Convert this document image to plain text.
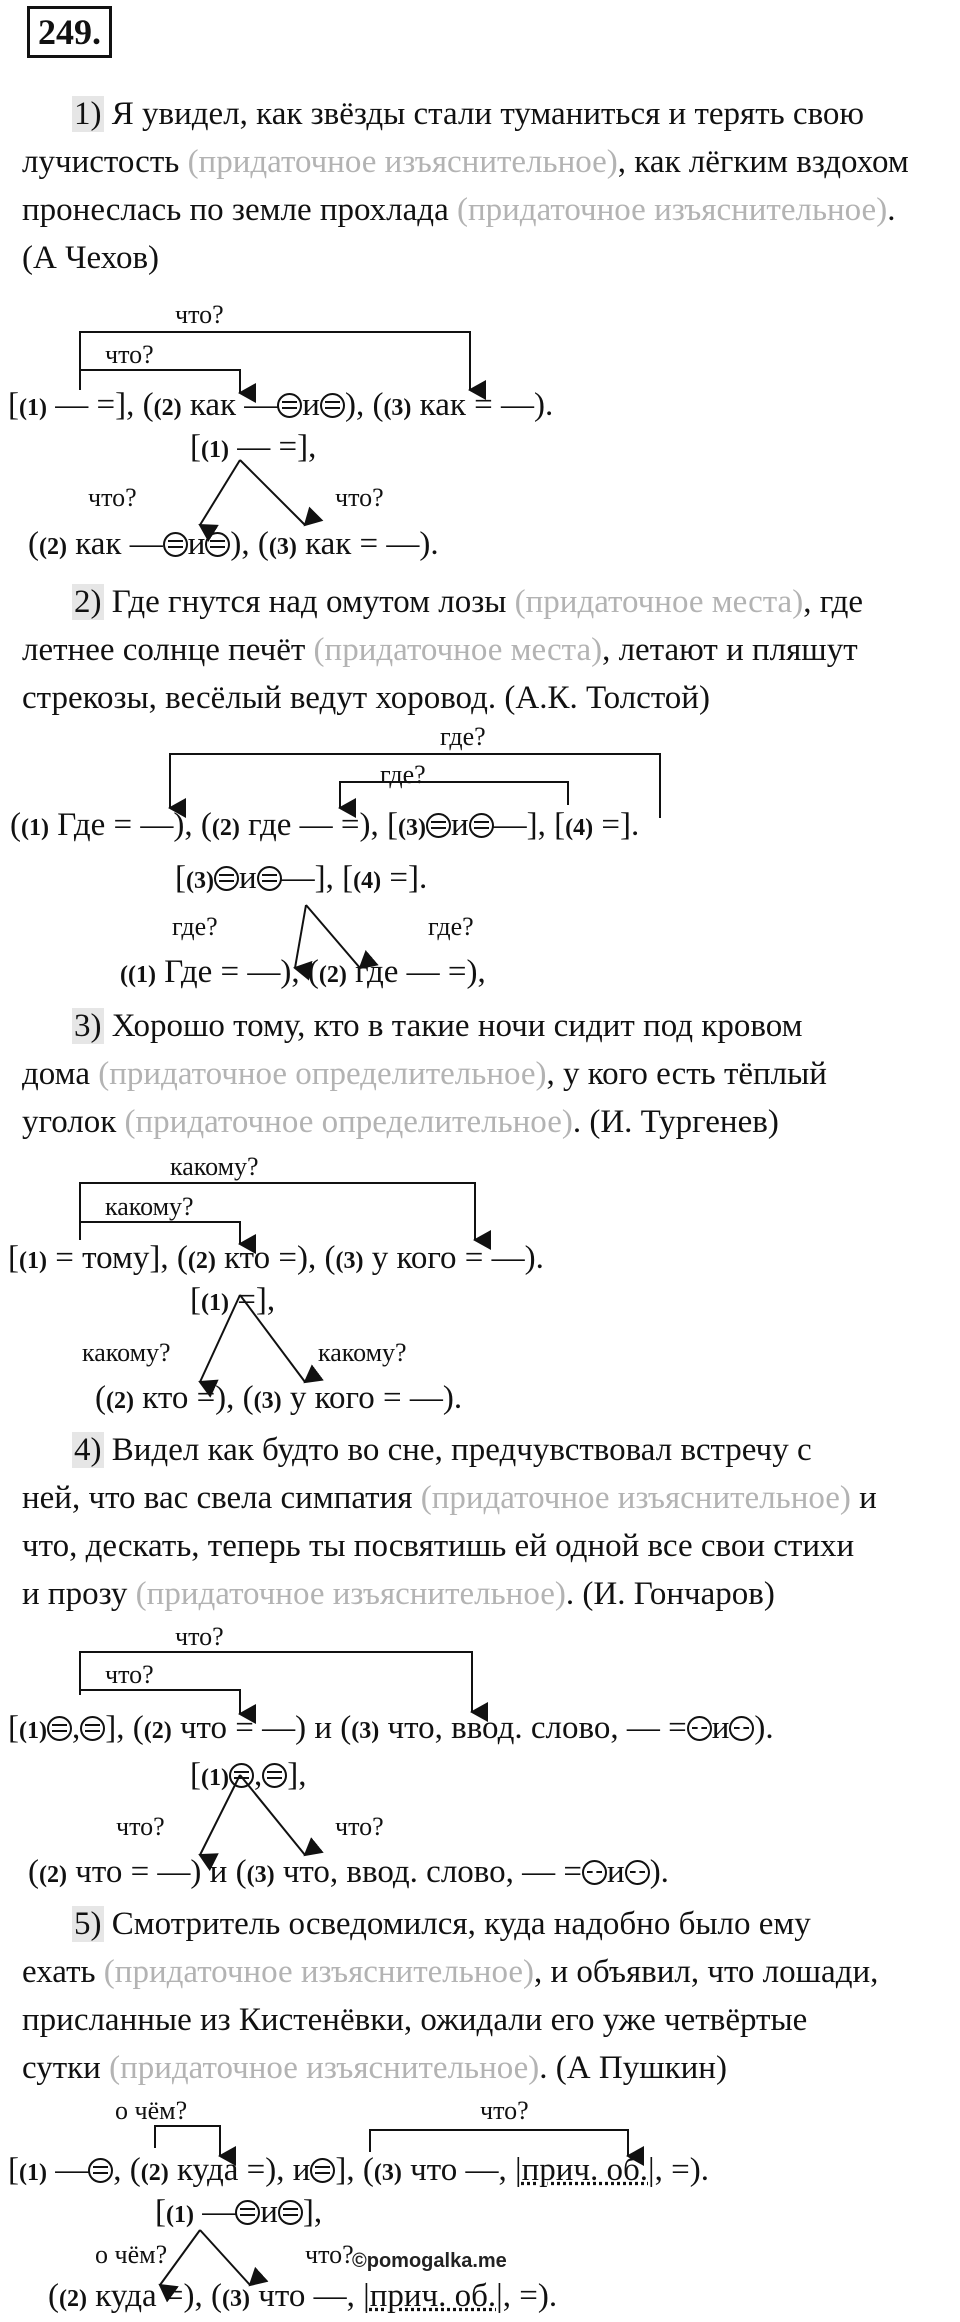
249.
1) Я увидел, как звёзды стали туманиться и терять свою
лучистость (придаточное изъяснительное), как лёгким вздохом
пронеслась по земле прохлада (придаточное изъяснительное).
(А Чехов)
2) Где гнутся над омутом лозы (придаточное места), где
летнее солнце печёт (придаточное места), летают и пляшут
стрекозы, весёлый ведут хоровод. (А.К. Толстой)
3) Хорошо тому, кто в такие ночи сидит под кровом
дома (придаточное определительное), у кого есть тёплый
уголок (придаточное определительное). (И. Тургенев)
4) Видел как будто во сне, предчувствовал встречу с
ней, что вас свела симпатия (придаточное изъяснительное) и
что, дескать, теперь ты посвятишь ей одной все свои стихи
и прозу (придаточное изъяснительное). (И. Гончаров)
5) Смотритель осведомился, куда надобно было ему
ехать (придаточное изъяснительное), и объявил, что лошади,
присланные из Кистенёвки, ожидали его уже четвёртые
сутки (придаточное изъяснительное). (А Пушкин)
что?
что?
[(1) — =], ((2) как — и ), ((3) как = —).
[(1) — =],
что?	что?
((2) как — и ), ((3) как = —).
где?
где?
((1) Где = —), ((2) где — =), [(3) и —], [(4) =].
[(3) и —], [(4) =].
где?	где?
((1) Где = —), ((2) где — =),
какому?
какому?
[(1) = тому], ((2) кто =), ((3) у кого = —).
[(1) =],
какому?	какому?
((2) кто =), ((3) у кого = —).
что?
что?
[(1) , ], ((2) что = —) и ((3) что, ввод. слово, — = и ).
[(1) , ],
что?	что?
((2) что = —) и ((3) что, ввод. слово, — = и ).
о чём?	что?
[(1) — , ((2) куда =), и ], ((3) что —, |прич. об.|, =).
[(1) — и ],
о чём?	что?
©pomogalka.me
((2) куда =), ((3) что —, |прич. об.|, =).
